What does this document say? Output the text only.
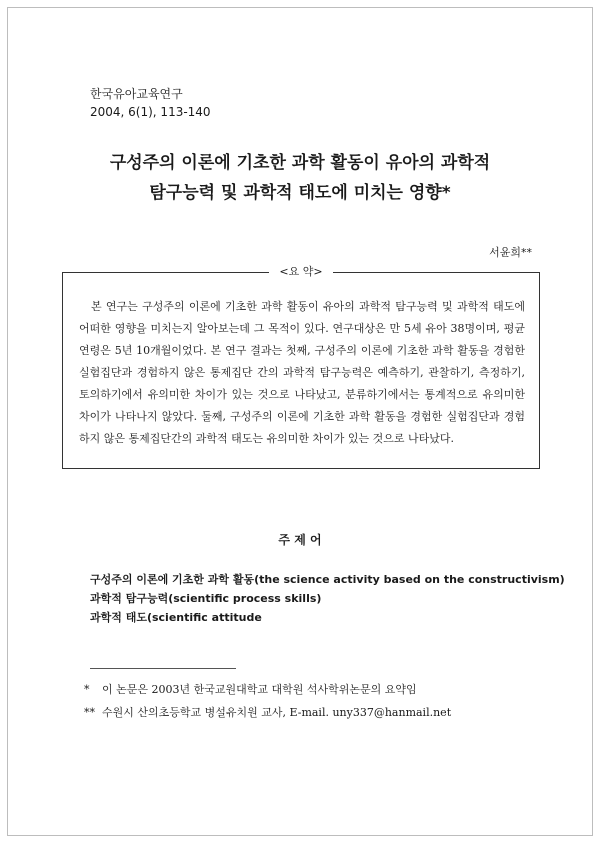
한국유아교육연구
2004, 6(1), 113-140
구성주의 이론에 기초한 과학 활동이 유아의 과학적
탐구능력 및 과학적 태도에 미치는 영향*
서윤희**
<요 약>

본 연구는 구성주의 이론에 기초한 과학 활동이 유아의 과학적 탐구능력 및 과학적 태도에 어떠한 영향을 미치는지 알아보는데 그 목적이 있다. 연구대상은 만 5세 유아 38명이며, 평균연령은 5년 10개월이었다. 본 연구 결과는 첫째, 구성주의 이론에 기초한 과학 활동을 경험한 실험집단과 경험하지 않은 통제집단 간의 과학적 탐구능력은 예측하기, 관찰하기, 측정하기, 토의하기에서 유의미한 차이가 있는 것으로 나타났고, 분류하기에서는 통계적으로 유의미한 차이가 나타나지 않았다. 둘째, 구성주의 이론에 기초한 과학 활동을 경험한 실험집단과 경험하지 않은 통제집단간의 과학적 태도는 유의미한 차이가 있는 것으로 나타났다.

주 제 어
구성주의 이론에 기초한 과학 활동(the science activity based on the constructivism)
과학적 탐구능력(scientific process skills)
과학적 태도(scientific attitude
* 이 논문은 2003년 한국교원대학교 대학원 석사학위논문의 요약임
** 수원시 산의초등학교 병설유치원 교사, E-mail. uny337@hanmail.net
